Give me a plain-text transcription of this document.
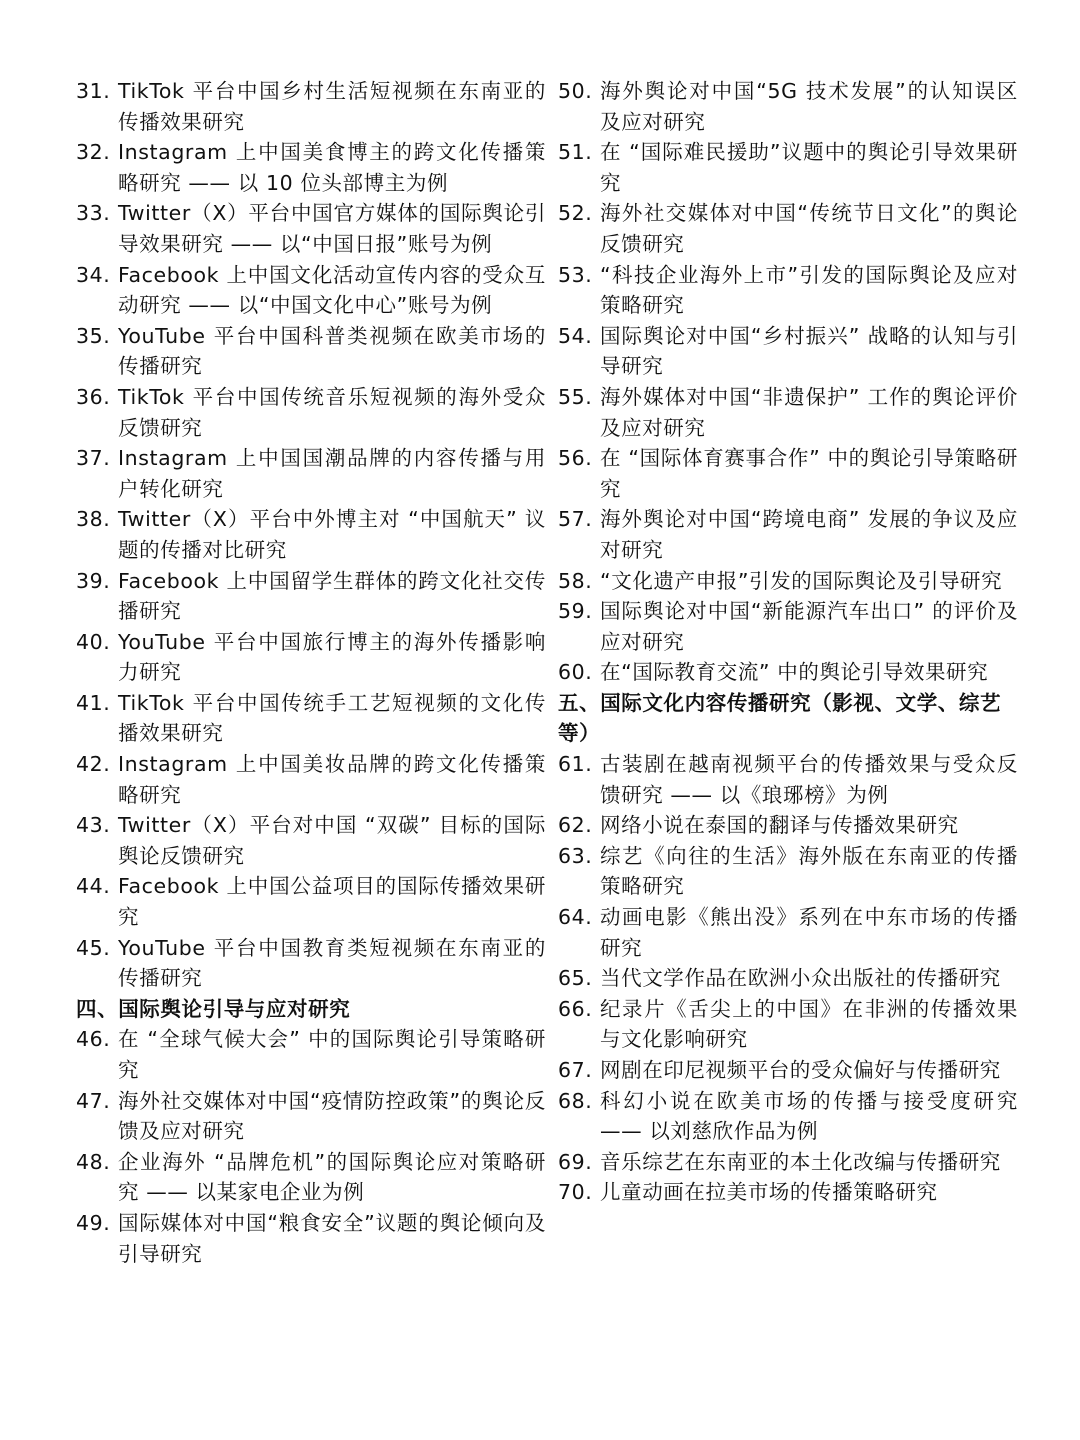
31. TikTok 平台中国乡村生活短视频在东南亚的传播效果研究
32. Instagram 上中国美食博主的跨文化传播策略研究 —— 以 10 位头部博主为例
33. Twitter（X）平台中国官方媒体的国际舆论引导效果研究 —— 以“中国日报”账号为例
34. Facebook 上中国文化活动宣传内容的受众互动研究 —— 以“中国文化中心”账号为例
35. YouTube 平台中国科普类视频在欧美市场的传播研究
36. TikTok 平台中国传统音乐短视频的海外受众反馈研究
37. Instagram 上中国国潮品牌的内容传播与用户转化研究
38. Twitter（X）平台中外博主对 “中国航天” 议题的传播对比研究
39. Facebook 上中国留学生群体的跨文化社交传播研究
40. YouTube 平台中国旅行博主的海外传播影响力研究
41. TikTok 平台中国传统手工艺短视频的文化传播效果研究
42. Instagram 上中国美妆品牌的跨文化传播策略研究
43. Twitter（X）平台对中国 “双碳” 目标的国际舆论反馈研究
44. Facebook 上中国公益项目的国际传播效果研究
45. YouTube 平台中国教育类短视频在东南亚的传播研究
四、国际舆论引导与应对研究
46. 在 “全球气候大会” 中的国际舆论引导策略研究
47. 海外社交媒体对中国“疫情防控政策”的舆论反馈及应对研究
48. 企业海外 “品牌危机”的国际舆论应对策略研究 —— 以某家电企业为例
49. 国际媒体对中国“粮食安全”议题的舆论倾向及引导研究
50. 海外舆论对中国“5G 技术发展”的认知误区及应对研究
51. 在 “国际难民援助”议题中的舆论引导效果研究
52. 海外社交媒体对中国“传统节日文化”的舆论反馈研究
53. “科技企业海外上市”引发的国际舆论及应对策略研究
54. 国际舆论对中国“乡村振兴” 战略的认知与引导研究
55. 海外媒体对中国“非遗保护” 工作的舆论评价及应对研究
56. 在 “国际体育赛事合作” 中的舆论引导策略研究
57. 海外舆论对中国“跨境电商” 发展的争议及应对研究
58. “文化遗产申报”引发的国际舆论及引导研究
59. 国际舆论对中国“新能源汽车出口” 的评价及应对研究
60. 在“国际教育交流” 中的舆论引导效果研究
五、国际文化内容传播研究（影视、文学、综艺等）
61. 古装剧在越南视频平台的传播效果与受众反馈研究 —— 以《琅琊榜》为例
62. 网络小说在泰国的翻译与传播效果研究
63. 综艺《向往的生活》海外版在东南亚的传播策略研究
64. 动画电影《熊出没》系列在中东市场的传播研究
65. 当代文学作品在欧洲小众出版社的传播研究
66. 纪录片《舌尖上的中国》在非洲的传播效果与文化影响研究
67. 网剧在印尼视频平台的受众偏好与传播研究
68. 科幻小说在欧美市场的传播与接受度研究 —— 以刘慈欣作品为例
69. 音乐综艺在东南亚的本土化改编与传播研究
70. 儿童动画在拉美市场的传播策略研究
